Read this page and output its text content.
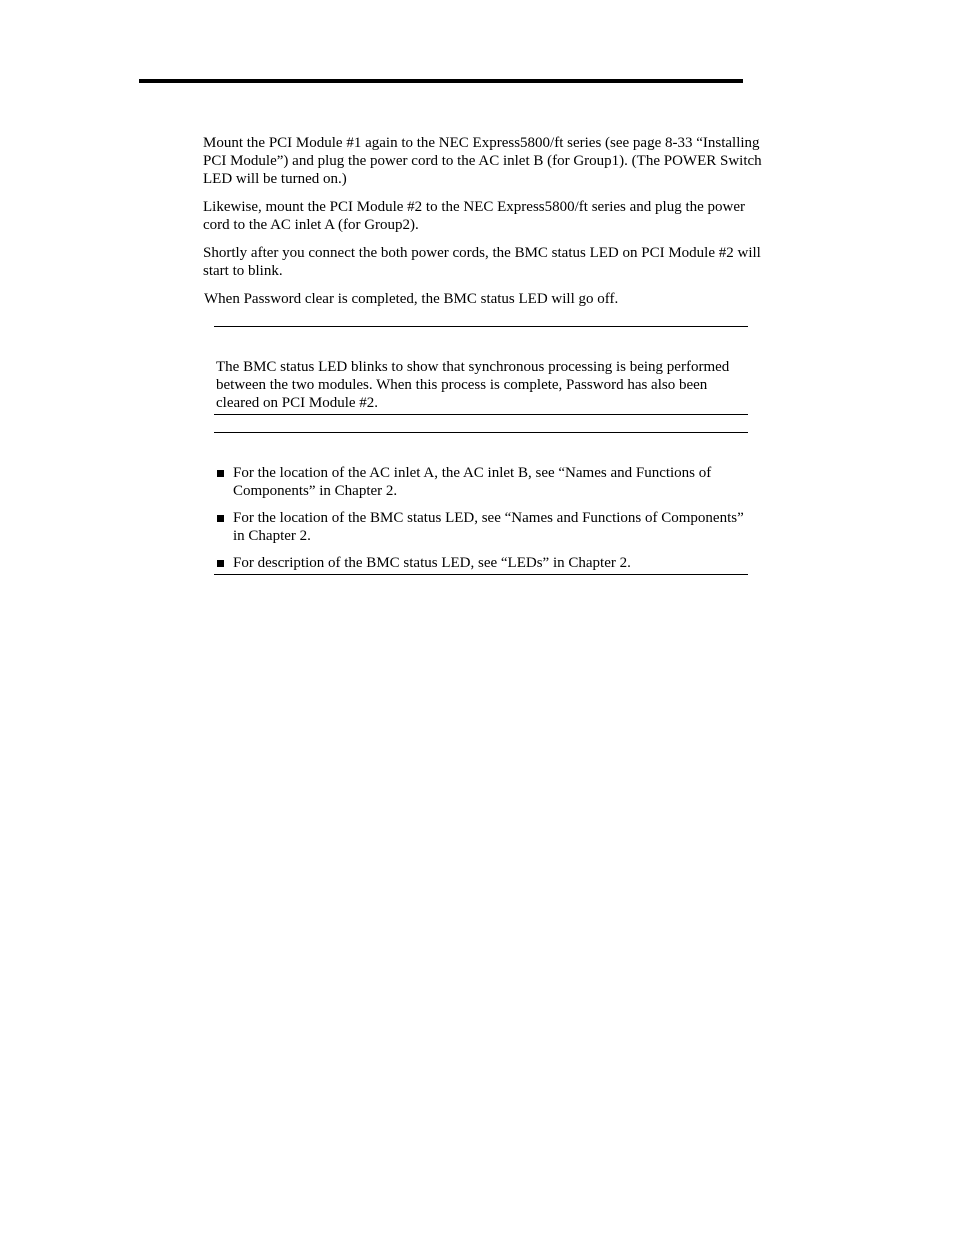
Mount the PCI Module #1 again to the NEC Express5800/ft series (see page 8-33 “Installing PCI Module”) and plug the power cord to the AC inlet B (for Group1). (The POWER Switch LED will be turned on.)

Likewise, mount the PCI Module #2 to the NEC Express5800/ft series and plug the power cord to the AC inlet A (for Group2).

Shortly after you connect the both power cords, the BMC status LED on PCI Module #2 will start to blink.

When Password clear is completed, the BMC status LED will go off.

The BMC status LED blinks to show that synchronous processing is being performed between the two modules. When this process is complete, Password has also been cleared on PCI Module #2.
For the location of the AC inlet A, the AC inlet B, see “Names and Functions of Components” in Chapter 2.
For the location of the BMC status LED, see “Names and Functions of Components” in Chapter 2.
For description of the BMC status LED, see “LEDs” in Chapter 2.
